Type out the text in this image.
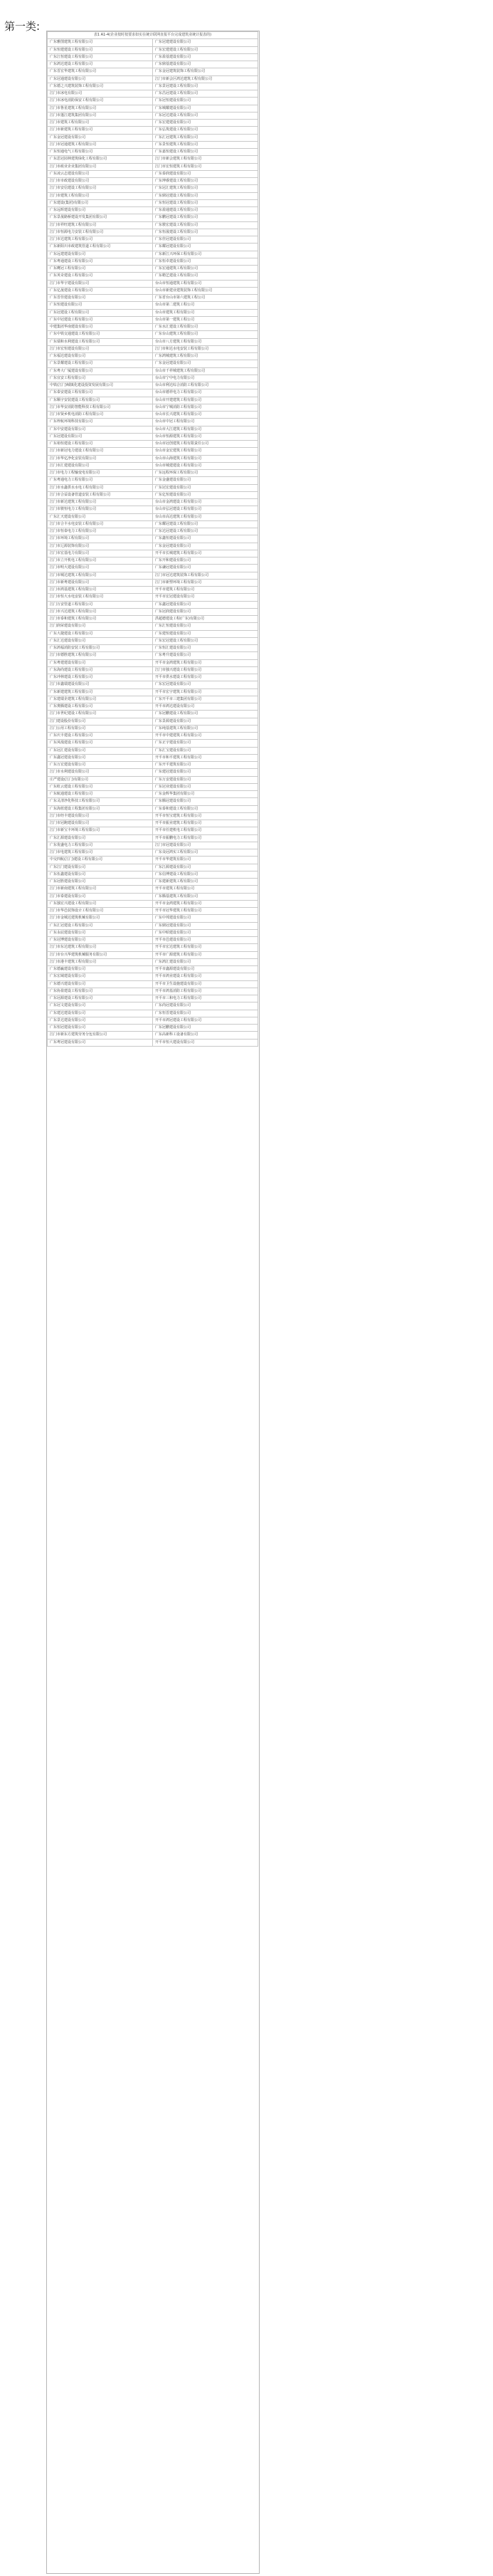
第一类:
表1 A1-4(企业按时按要求如实在统计联网直报平台完成建筑业统计报表的)	
广东雅图建筑工程有限公司	广东冠建建设有限公司
广东恒建建设工程有限公司	广东宏建建设工程有限公司
广东江恒建设工程有限公司	广东盈基建设有限公司
广东鸿达建设工程有限公司	广东鼎基建设有限公司
广东晋宏华建筑工程有限公司	广东金冠建筑装饰工程有限公司
广东冠通建设有限公司	江门市新会区鸿达建筑工程有限公司
广东德之兴建筑装饰工程有限公司	广东景冠建设工程有限公司
江门市冰电有限公司	广东昌冠建设工程有限公司
江门市冰电消防保安工程有限公司	广东冠恒建设有限公司
江门市鲁星建筑工程有限公司	广东城耀建设有限公司
江门市蓬江建筑集团有限公司	广东冠达建设工程有限公司
江门市建筑工程有限公司	广东宏建建设有限公司
江门市新建筑工程有限公司	广东弘筑建设工程有限公司
广东金冠建设有限公司	广东汇冠建筑工程有限公司
江门市冠通建筑工程有限公司	广东景恒建筑工程有限公司
广东恒通电气工程有限公司	广东嘉恒建设工程有限公司
广东思冠园林建筑绿化工程有限公司	江门市新会建筑工程有限公司
江门市政业企业集团有限公司	江门市宏恒建筑工程有限公司
广东凌云志建设有限公司	广东泰润建设有限公司
江门市市政建设有限公司	广东坤睿建设工程有限公司
江门市安信建设工程有限公司	广东冠汇建筑工程有限公司
江门市建筑工程有限公司	广东鼎冠建设工程有限公司
广东建设(集团)有限公司	广东恒冠建设工程有限公司
广东远晖建设有限公司	广东盈通建设工程有限公司
广东景晟路桥建设开发集团有限公司	广东鹏冠建设工程有限公司
江门市祥旺建筑工程有限公司	广东骏宏建设工程有限公司
江门市恒源电力安装工程有限公司	广东恒晟建设工程有限公司
江门市达建筑工程有限公司	广东佳冠建设有限公司
广东新阳川市政建筑管道工程有限公司	广东耀冠建设有限公司
广东远建建设有限公司	广东新江兴环保工程有限公司
广东粤通建设工程有限公司	广东恒卓建设有限公司
广东鹰冠工程有限公司	广东宏通建筑工程有限公司
广东英奇建设工程有限公司	广东精艺建设工程有限公司
江门市华宇建设有限公司	台山市恒通建筑工程有限公司
广东亿晟建设工程有限公司	台山市新建业建筑装饰工程有限公司
广东晋佳建设有限公司	广东省台山市第六建筑工程公司
广东恒建设有限公司	台山市第二建筑工程公司
广东冠建设工程有限公司	台山市建筑工程有限公司
广东中冠建设工程有限公司	台山市第一建筑工程公司
中建集团华南建设有限公司	广东水汇建设工程有限公司
广东中铁交通建设工程有限公司	广东台山建筑工程有限公司
广东瑞和水利建设工程有限公司	台山市八方建筑工程有限公司
江门市宏恒建设有限公司	江门市和达水电安装工程有限公司
广东福达建设有限公司	广东鸿城建筑工程有限公司
广东景耀建设工程有限公司	广东金冠建设有限公司
广东粤大广厦建设有限公司	台山市千祥城建筑工程有限公司
广东宜安工程有限公司	台山市宁中电力有限公司
中铁(江门)城镇化建设投资发展有限公司	台山市利达综合消防工程有限公司
广东泰安建设工程有限公司	台山市德祥电力工程有限公司
广东顺宇安装建设工程有限公司	台山市开建建筑工程有限公司
江门市华安消防智能科技工程有限公司	台山市宁城消防工程有限公司
江门市贤乡机电消防工程有限公司	台山市长兴建筑工程有限公司
广东梓航环境科技有限公司	台山市中冠工程有限公司
广东中安建设有限公司	台山市大江建筑工程有限公司
广东冠建设有限公司	台山市恒源建筑工程有限公司
广东裕恒建设工程有限公司	台山市冠创建筑工程有限责任公司
江门市新冠电力建设工程有限公司	台山市金宏建筑工程有限公司
江门市华亿净化安装有限公司	台山市山海建筑工程有限公司
江门市汇建建设有限公司	台山市城建建设工程有限公司
江门市电力工程输变电有限公司	广东远程环保工程有限公司
广东粤通电力工程有限公司	广东金盛建设有限公司
江门市水鑫供水水电工程有限公司	广东冠宏建设有限公司
江门市合益设备管道安装工程有限公司	广东亿恒建设有限公司
江门市新达建筑工程有限公司	台山市金鸿建设工程有限公司
江门市骏恒电力工程有限公司	台山市弘冠建设工程有限公司
广东汇天建设有限公司	台山市高达建筑工程有限公司
江门市合丰水电安装工程有限公司	广东耀冠建设工程有限公司
江门市恒泰电力工程有限公司	广东达冠建设工程有限公司
江门市环境工程有限公司	广东鑫恒建设有限公司
江门市辽源装饰有限公司	广东金冠建设有限公司
江门市宏基电力有限公司	开平市长城建筑工程有限公司
江门市立开机电工程有限公司	广东开和建设有限公司
江门市明大建设有限公司	广东谦冠建设有限公司
江门市城达建筑工程有限公司	江门市冠达建筑装饰工程有限公司
江门市新粤建设有限公司	江门市新塑环境工程有限公司
江门市鸿基建筑工程有限公司	开平市建筑工程有限公司
江门市恒大水电安装工程有限公司	开平市宏冠建设有限公司
江门万安管道工程有限公司	广东鑫冠建设有限公司
江门市兴达建筑工程有限公司	广东冠润建设有限公司
江门市泰和建筑工程有限公司	洪超德建设工程(广东)有限公司
江门润荣建设有限公司	广东汇恒建设有限公司
广东大捷建设工程有限公司	广东建恒建设有限公司
广东汇达建设有限公司	广东宏冠建设工程有限公司
广东鸿福消防安装工程有限公司	广东恒汇建设有限公司
江门市德胜建筑工程有限公司	广东粤升建设有限公司
广东粤建建设有限公司	开平市金鸿建筑工程有限公司
广东海尚建设工程有限公司	江门市独兴建设工程有限公司
广东冲林建设工程有限公司	开平市供水建设工程有限公司
江门市鑫瑞建设有限公司	广东宏冠建设有限公司
广东新建建筑工程有限公司	开平市宏宇建筑工程有限公司
广东建瑞企建筑工程有限公司	广东开平市三建集团有限公司
广东奥腾建设工程有限公司	开平市鸿达建设有限公司
江门市世纪建设工程有限公司	广东冠鹏建设工程有限公司
江门建设股份有限公司	广东景源建设有限公司
江门公用工程有限公司	广东纯基建筑工程有限公司
广东庆丰建设工程有限公司	开平市中建建筑工程有限公司
广东凤凰建设工程有限公司	广东正宇建设有限公司
广东冠汇建设有限公司	广东汇宝建设有限公司
广东鑫冠建设有限公司	开平市和平建筑工程有限公司
广东万宏建设有限公司	广东开平建筑有限公司
江门市水利建设有限公司	广东建冠建设有限公司
庄严建设(江门)有限公司	广东万安建设有限公司
广东虹云建设工程有限公司	广东冠业建设有限公司
广东航通建设工程有限公司	广东金辉华集团有限公司
广东灵清净化科技工程有限公司	广东腾冠建设有限公司
广东海蓝建设工程集团有限公司	广东泰和建设工程有限公司
江门市经丰建设有限公司	开平市恒宝建筑工程有限公司
江门市冠跑建设有限公司	开平市振业建筑工程有限公司
江门市新宝丰环境工程有限公司	开平市任建机电工程有限公司
广东汇源建设有限公司	开平市振鹏电力工程有限公司
广东优盛电力工程有限公司	江门市冠建设有限公司
江门市电建筑工程有限公司	广东众冠鸿实工程有限公司
中交四航(江门)建设工程有限公司	开平市华建筑有限公司
广东江门建设有限公司	广东江源建设有限公司
广东伍鑫建设有限公司	广东信博建设工程有限公司
广东冠胜建设有限公司	广东建新建筑工程有限公司
江门市新南建筑工程有限公司	开平市建筑工程有限公司
江门市泰建设有限公司	广东腾基建筑工程有限公司
广东独宏兴建设工程有限公司	开平市金鸿建筑工程有限公司
江门市华邑装饰设计工程有限公司	开平市冠华建筑工程有限公司
江门市金城达建筑机械有限公司	广东中邦建设有限公司
广东汇冠建设工程有限公司	广东鼎冠建设有限公司
广东永辰建设有限公司	广东中昭建设有限公司
广东冠博建设有限公司	开平市邑建设有限公司
江门市东达建筑工程有限公司	开平市宏达建筑工程有限公司
江门市台兴华建筑机械服务有限公司	开平市广源建筑工程有限公司
江门市港丰建筑工程有限公司	广东鸿汇建设有限公司
广东德赢建设有限公司	开平市鑫源建设有限公司
广东宏域建设有限公司	开平市鸿业建设工程有限公司
广东德兴建设有限公司	开平市卫生设施建设有限公司
广东协盈建设工程有限公司	开平市鸿基消防工程有限公司
广东冠源建设工程有限公司	开平市三和电力工程有限公司
广东冠文建设有限公司	广东尚冠建设有限公司
广东建达建设有限公司	广东恒晋建设有限公司
广东景达建设有限公司	开平市鸿冠建设工程有限公司
广东恒冠建设有限公司	广东冠鹏建设有限公司
江门市新东方建筑劳务分包有限公司	广东高新科工设备有限公司
广东粤冠建设有限公司	开平市恒大建设有限公司
